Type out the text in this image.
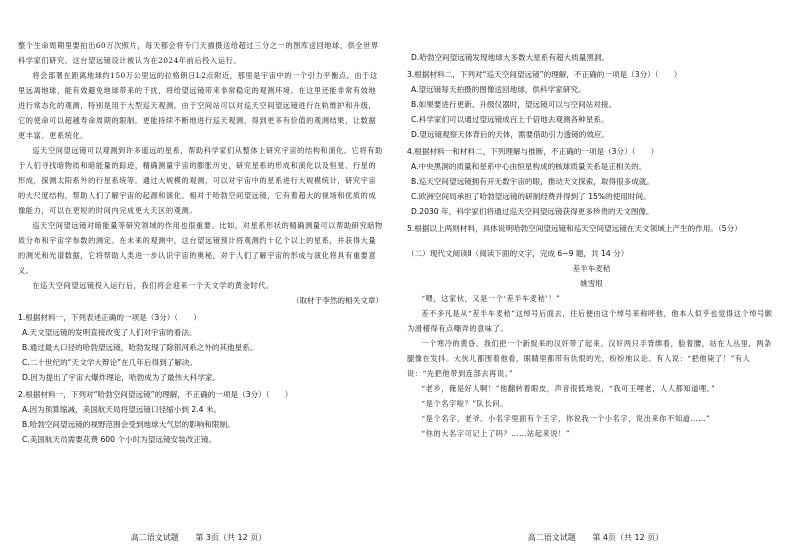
整个生命周期里要拍出60万次照片，每天都会将专门天描摄送给超过三分之一的图库送回地球，供全世界科学家们研究。这台望远镜设计被认为在2024年前后投入运行。

将会部署在距离地球约150万公里远的拉格朗日L2点附近，那里是宇宙中的一个引力平衡点。由于这里远离地球，能有效避免地球带来的干扰，将给望远镜带来非常稳定的观测环境。在这里还能非常有效地进行常态化的观测，特别是用于大型巡天观测。由于空间站可以对巡天空间望远镜进行在轨维护和升级，它的使命可以超越寿命周期的限制。更能持续不断地进行巡天观测，得到更多有价值的观测结果，让数据更丰富、更系统化。

巡天空间望远镜可以观测到许多遥远的星系，帮助科学家们从整体上研究宇宙的结构和演化。它将有助于人们寻找暗物质和暗能量的踪迹，精确测量宇宙的膨胀历史，研究星系的形成和演化以及恒星、行星的形成，探测太阳系外的行星系统等。通过大规模的观测，可以对宇宙中的星系进行大规模统计，研究宇宙的大尺度结构，帮助人们了解宇宙的起源和演化。相对于哈勃空间望远镜，它有着超大的视场和优质的成像能力，可以在更短的时间内完成更大天区的观测。

巡天空间望远镜对暗能量等研究领域的作用也很重要。比如，对星系形状的精确测量可以帮助研究暗物质分布和宇宙学参数的测定。在未来的观测中，这台望远镜预计将观测约十亿个以上的星系，并获得大量的测光和光谱数据，它将帮助人类进一步认识宇宙的奥秘，对于人们了解宇宙的形成与演化将具有重要意义。

在巡天空间望远镜投入运行后，我们将会迎来一个天文学的黄金时代。

（取材于李然的相关文章）

1.根据材料一，下列表述正确的一项是（3分）（　　）

A.天文望远镜的发明直接改变了人们对宇宙的看法。

B.通过最大口径的哈勃望远镜，哈勃发现了除银河系之外的其他星系。

C.二十世纪的“天文学大辩论”在几年后得到了解决。

D.因为提出了宇宙大爆炸理论，哈勃成为了最伟大科学家。

2.根据材料一，下列对“哈勃空间望远镜”的理解，不正确的一项是（3分）（　　）

A.因为预算缩减，美国航天局将望远镜口径缩小到 2.4 米。

B.哈勃空间望远镜的视野范围会受到地球大气层的影响和限制。

C.美国航天员需要花费 600 个小时为望远镜安装改正镜。

高二语文试题 第 3页（共 12 页）

D.哈勃空间望远镜发现地球大多数大星系有超大质量黑洞。

3.根据材料二，下列对“巡天空间望远镜”的理解，不正确的一项是（3分）（　　）

A.望远镜每天拍摄的图像送回地球，供科学家研究。

B.如果要进行更新、升级仪器时，望远镜可以与空间站对接。

C.科学家们可以通过望远镜成百上千倍地去观测各种星系。

D.望远镜观察天体背后的天体，需要借助引力透镜的效应。

4.根据材料一和材料二，下列理解与推断，不正确的一项是（3分）（　　）

A.中央黑洞的质量和星系中心由恒星构成的核球质量关系是正相关的。

B.巡天空间望远镜拥有开无数宇宙的眼，推动天文探索，取得很多成就。

C.欧洲空间局承担了哈勃望远镜的研制经费并得到了 15%的使用时间。

D.2030 年，科学家们将通过巡天空间望远镜获得更多珍贵的天文图像。

5.根据以上两则材料，具体说明哈勃空间望远镜和巡天空间望远镜在天文领域上产生的作用。（5分）

（二）现代文阅读Ⅱ（阅读下面的文字，完成 6~9 题，共 14 分）

差半车麦秸

姚雪垠

“喂，这家伙，又是一个‘差半车麦秸’！”

差不多凡是从“差半车麦秸”这绰号后面去，往后便由这个绰号来称呼他，他本人似乎也觉得这个绰号颇为滑稽得有点嘲弄的意味了。

一个寒冷的黄昏，我们把一个新捉来的汉奸带了起来。汉奸两只手背绑着，脸着腰，站在人丛里，两条腿像在发抖。大伙儿都围着他看，眼睛里都带有仇恨的光，纷纷地议论。有人说：“把他毙了！”有人说：“先把他带到连部去再说。”

“老乡，俺是好人啊！”他翻转着眼皮，声音很低地说，“我可王哩老，人人都知道哩。”

“是个名字啦？”队长问。

“是个名字，老爷。小名字里面有个王字，你说我一个小名字，说出来你不知道……”

“你的大名字可记上了吗？……站起来说！”

高二语文试题 第 4页（共 12 页）
